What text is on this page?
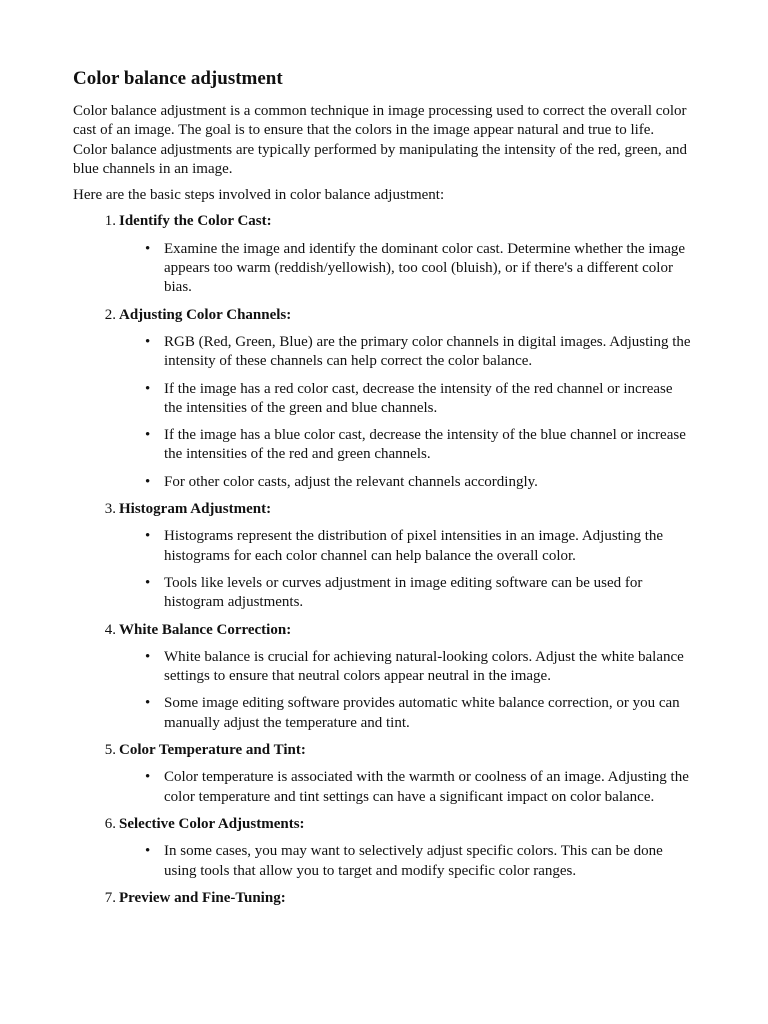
Color balance adjustment

Color balance adjustment is a common technique in image processing used to correct the overall color cast of an image. The goal is to ensure that the colors in the image appear natural and true to life. Color balance adjustments are typically performed by manipulating the intensity of the red, green, and blue channels in an image.

Here are the basic steps involved in color balance adjustment:

1. Identify the Color Cast:
• Examine the image and identify the dominant color cast. Determine whether the image appears too warm (reddish/yellowish), too cool (bluish), or if there's a different color bias.
2. Adjusting Color Channels:
• RGB (Red, Green, Blue) are the primary color channels in digital images. Adjusting the intensity of these channels can help correct the color balance.
• If the image has a red color cast, decrease the intensity of the red channel or increase the intensities of the green and blue channels.
• If the image has a blue color cast, decrease the intensity of the blue channel or increase the intensities of the red and green channels.
• For other color casts, adjust the relevant channels accordingly.
3. Histogram Adjustment:
• Histograms represent the distribution of pixel intensities in an image. Adjusting the histograms for each color channel can help balance the overall color.
• Tools like levels or curves adjustment in image editing software can be used for histogram adjustments.
4. White Balance Correction:
• White balance is crucial for achieving natural-looking colors. Adjust the white balance settings to ensure that neutral colors appear neutral in the image.
• Some image editing software provides automatic white balance correction, or you can manually adjust the temperature and tint.
5. Color Temperature and Tint:
• Color temperature is associated with the warmth or coolness of an image. Adjusting the color temperature and tint settings can have a significant impact on color balance.
6. Selective Color Adjustments:
• In some cases, you may want to selectively adjust specific colors. This can be done using tools that allow you to target and modify specific color ranges.
7. Preview and Fine-Tuning:
